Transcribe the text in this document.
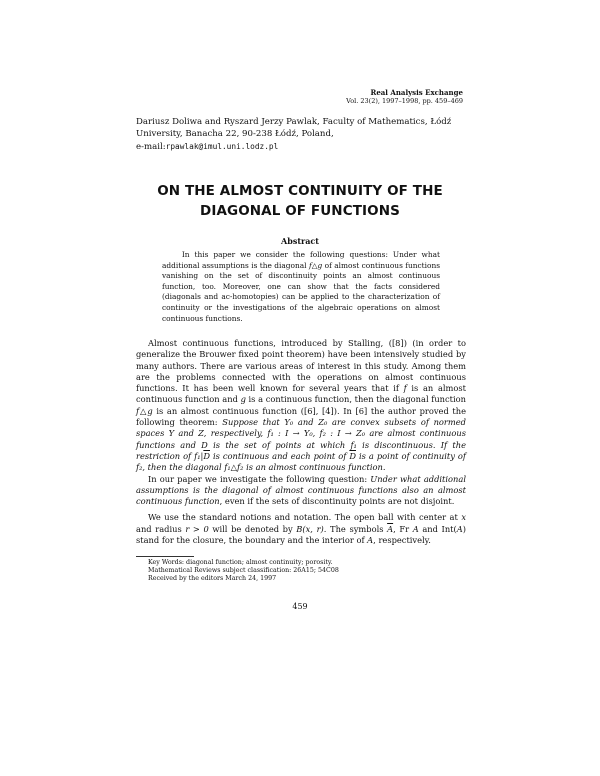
Real Analysis Exchange
Vol. 23(2), 1997–1998, pp. 459–469
Dariusz Doliwa and Ryszard Jerzy Pawlak, Faculty of Mathematics, Łódź
University, Banacha 22, 90-238 Łódź, Poland,
e-mail:rpawlak@imul.uni.lodz.pl
ON THE ALMOST CONTINUITY OF THE
DIAGONAL OF FUNCTIONS
Abstract
In this paper we consider the following questions: Under what additional assumptions is the diagonal f△g of almost continuous functions vanishing on the set of discontinuity points an almost continuous function, too. Moreover, one can show that the facts considered (diagonals and ac-homotopies) can be applied to the characterization of continuity or the investigations of the algebraic operations on almost continuous functions.

Almost continuous functions, introduced by Stalling, ([8]) (in order to generalize the Brouwer fixed point theorem) have been intensively studied by many authors. There are various areas of interest in this study. Among them are the problems connected with the operations on almost continuous functions. It has been well known for several years that if f is an almost continuous function and g is a continuous function, then the diagonal function f△g is an almost continuous function ([6], [4]). In [6] the author proved the following theorem: Suppose that Y₀ and Z₀ are convex subsets of normed spaces Y and Z, respectively, f₁ : I → Y₀, f₂ : I → Z₀ are almost continuous functions and D is the set of points at which f₁ is discontinuous. If the restriction of $f_1|\overline{D}$ is continuous and each point of $\overline{D}$ is a point of continuity of f₂, then the diagonal f₁△f₂ is an almost continuous function.

In our paper we investigate the following question: Under what additional assumptions is the diagonal of almost continuous functions also an almost continuous function, even if the sets of discontinuity points are not disjoint.

We use the standard notions and notation. The open ball with center at x and radius r > 0 will be denoted by B(x, r). The symbols $\overline{A}$, Fr A and Int(A) stand for the closure, the boundary and the interior of A, respectively.

Key Words: diagonal function; almost continuity; porosity.
Mathematical Reviews subject classification: 26A15; 54C08
Received by the editors March 24, 1997
459
